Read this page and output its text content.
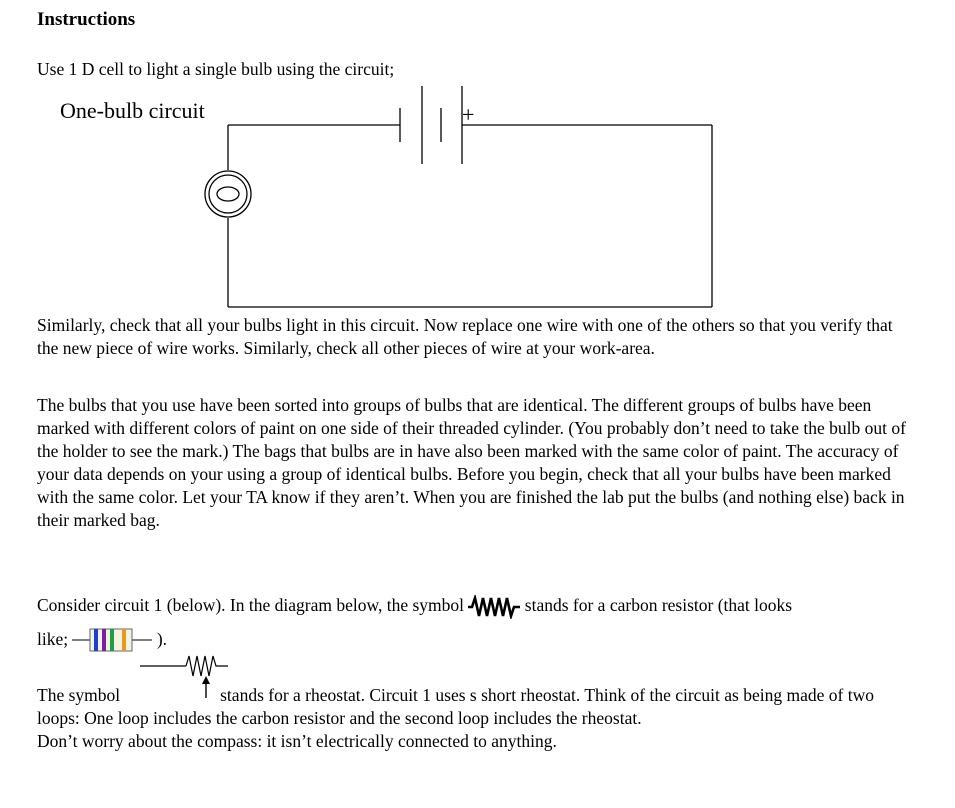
Instructions
Use 1 D cell to light a single bulb using the circuit;
One-bulb circuit	+

Similarly, check that all your bulbs light in this circuit. Now replace one wire with one of the others so that you verify that the new piece of wire works. Similarly, check all other pieces of wire at your work-area.

The bulbs that you use have been sorted into groups of bulbs that are identical. The different groups of bulbs have been marked with different colors of paint on one side of their threaded cylinder. (You probably don’t need to take the bulb out of the holder to see the mark.) The bags that bulbs are in have also been marked with the same color of paint. The accuracy of your data depends on your using a group of identical bulbs. Before you begin, check that all your bulbs have been marked with the same color. Let your TA know if they aren’t. When you are finished the lab put the bulbs (and nothing else) back in their marked bag.

Consider circuit 1 (below). In the diagram below, the symbol	stands for a carbon resistor (that looks
like;	).
The symbol	stands for a rheostat. Circuit 1 uses s short rheostat. Think of the circuit as being made of two loops: One loop includes the carbon resistor and the second loop includes the rheostat.
Don’t worry about the compass: it isn’t electrically connected to anything.
